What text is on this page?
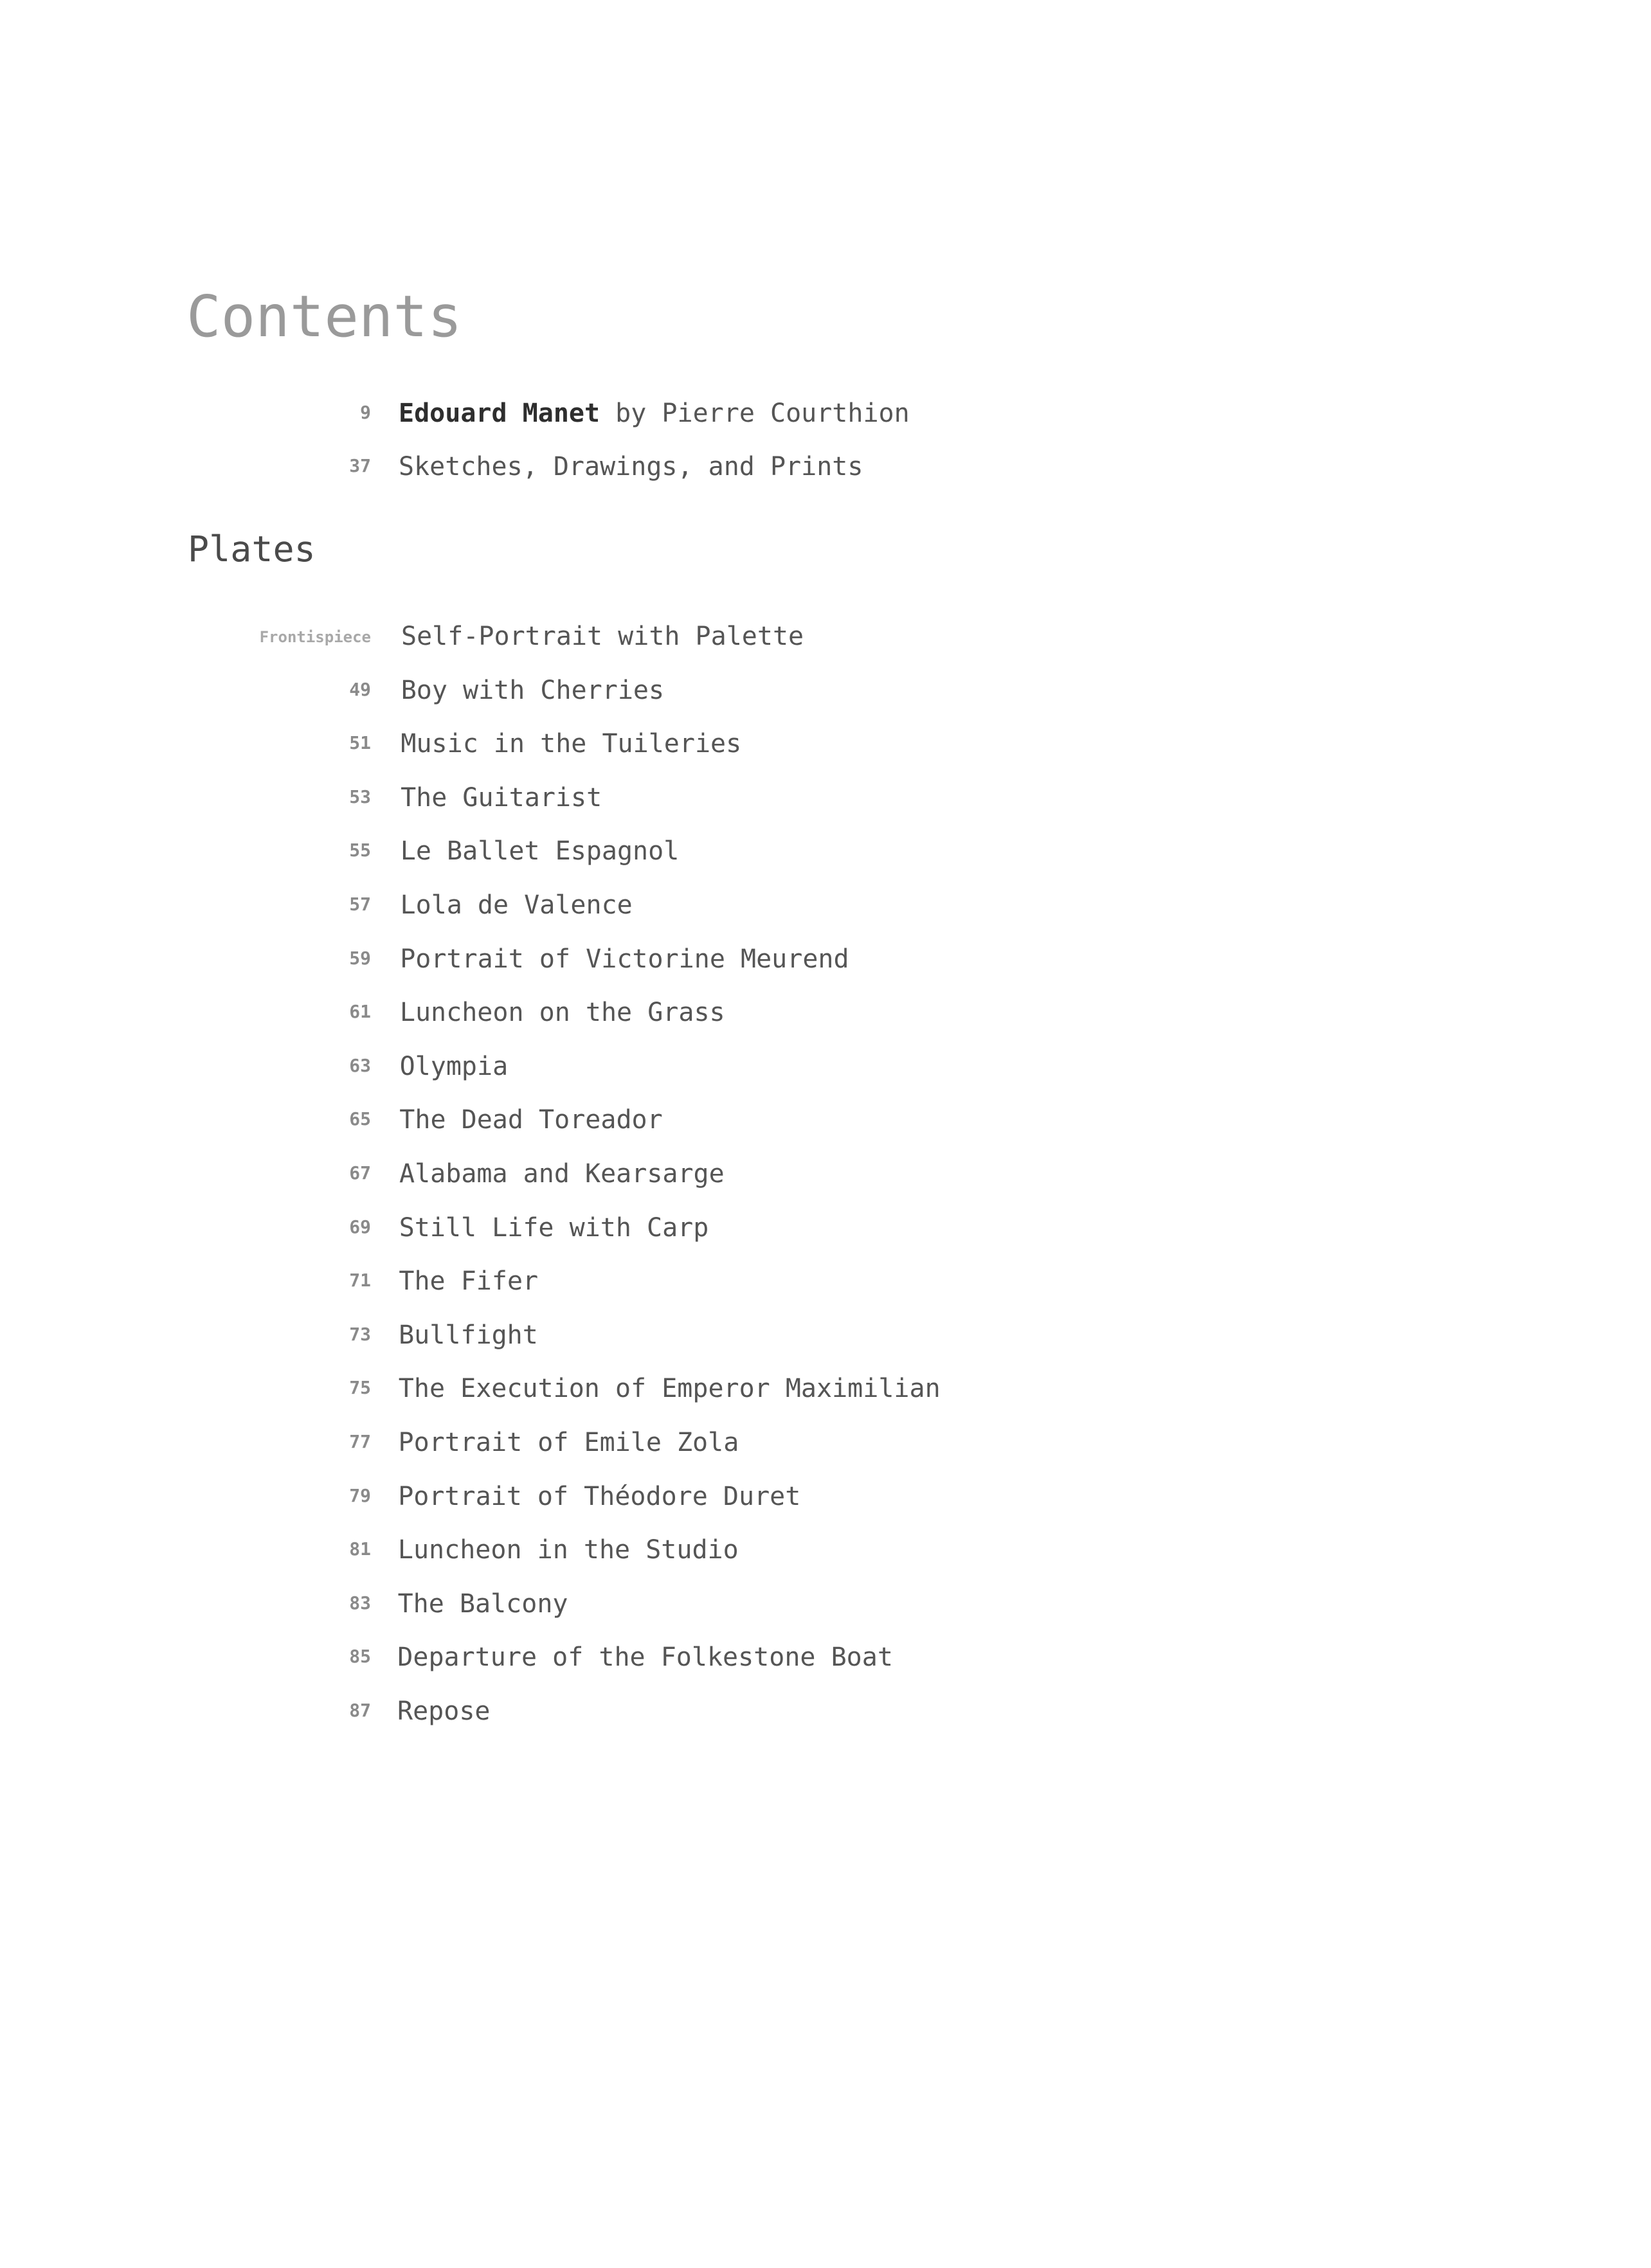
Contents
9 Edouard Manet by Pierre Courthion
37 Sketches, Drawings, and Prints
Plates
Frontispiece Self-Portrait with Palette
49 Boy with Cherries
51 Music in the Tuileries
53 The Guitarist
55 Le Ballet Espagnol
57 Lola de Valence
59 Portrait of Victorine Meurend
61 Luncheon on the Grass
63 Olympia
65 The Dead Toreador
67 Alabama and Kearsarge
69 Still Life with Carp
71 The Fifer
73 Bullfight
75 The Execution of Emperor Maximilian
77 Portrait of Emile Zola
79 Portrait of Théodore Duret
81 Luncheon in the Studio
83 The Balcony
85 Departure of the Folkestone Boat
87 Repose
